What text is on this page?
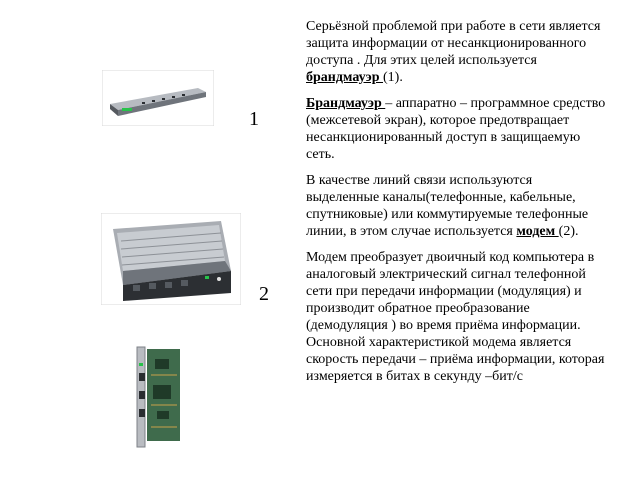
1
2

Серьёзной проблемой при работе в сети является защита информации от несанкционированного доступа . Для этих целей используется брандмауэр (1).

Брандмауэр – аппаратно – программное средство (межсетевой экран), которое предотвращает несанкционированный доступ в защищаемую сеть.

В качестве линий связи используются выделенные каналы(телефонные, кабельные, спутниковые) или коммутируемые телефонные линии, в этом случае используется модем (2).

Модем преобразует двоичный код компьютера в аналоговый электрический сигнал телефонной сети при передачи информации (модуляция) и производит обратное преобразование (демодуляция ) во время приёма информации. Основной характеристикой модема является скорость передачи – приёма информации, которая измеряется в битах в секунду –бит/с
